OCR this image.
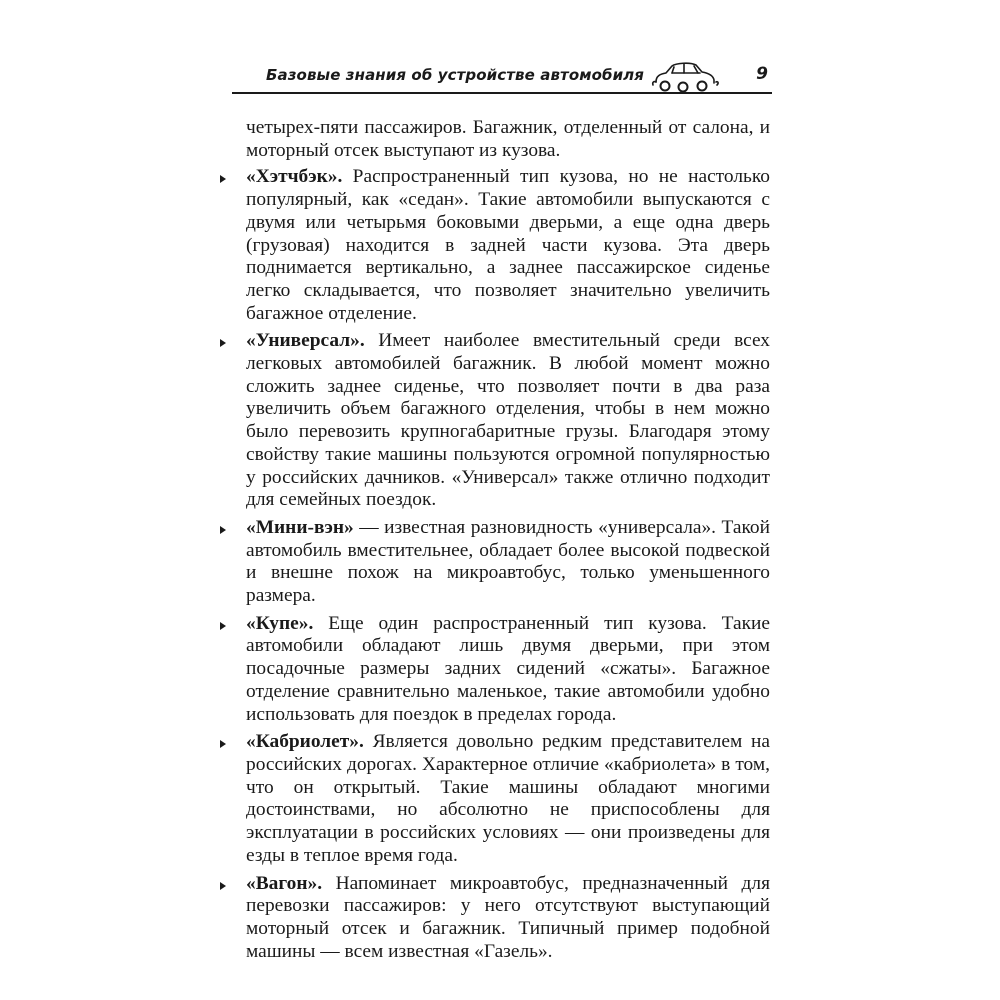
Базовые знания об устройстве автомобиля	9

четырех-пяти пассажиров. Багажник, отделенный от салона, и моторный отсек выступают из кузова.

«Хэтчбэк». Распространенный тип кузова, но не настолько популярный, как «седан». Такие автомобили выпускаются с двумя или четырьмя боковыми дверьми, а еще одна дверь (грузовая) находится в задней части кузова. Эта дверь поднимается вертикально, а заднее пассажирское сиденье легко складывается, что позволяет значительно увеличить багажное отделение.

«Универсал». Имеет наиболее вместительный среди всех легковых автомобилей багажник. В любой момент можно сложить заднее сиденье, что позволяет почти в два раза увеличить объем багажного отделения, чтобы в нем можно было перевозить крупногабаритные грузы. Благодаря этому свойству такие машины пользуются огромной популярностью у российских дачников. «Универсал» также отлично подходит для семейных поездок.

«Мини-вэн» — известная разновидность «универсала». Такой автомобиль вместительнее, обладает более высокой подвеской и внешне похож на микроавтобус, только уменьшенного размера.

«Купе». Еще один распространенный тип кузова. Такие автомобили обладают лишь двумя дверьми, при этом посадочные размеры задних сидений «сжаты». Багажное отделение сравнительно маленькое, такие автомобили удобно использовать для поездок в пределах города.

«Кабриолет». Является довольно редким представителем на российских дорогах. Характерное отличие «кабриолета» в том, что он открытый. Такие машины обладают многими достоинствами, но абсолютно не приспособлены для эксплуатации в российских условиях — они произведены для езды в теплое время года.

«Вагон». Напоминает микроавтобус, предназначенный для перевозки пассажиров: у него отсутствуют выступающий моторный отсек и багажник. Типичный пример подобной машины — всем известная «Газель».
